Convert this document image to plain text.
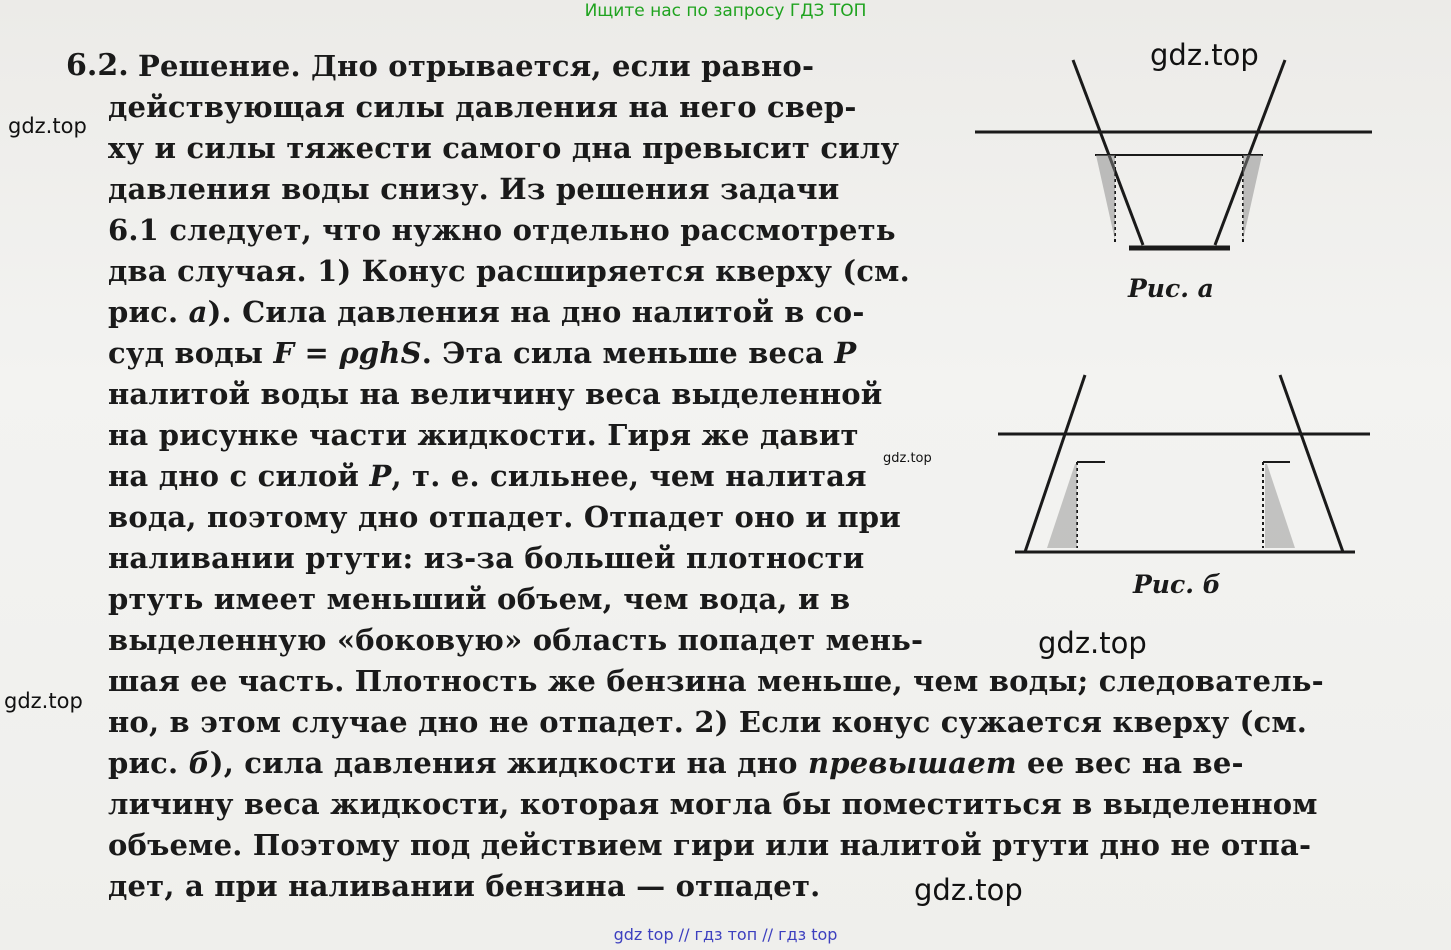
Ищите нас по запросу ГДЗ ТОП
6.2. Решение. Дно отрывается, если равно-
действующая силы давления на него свер-
ху и силы тяжести самого дна превысит силу
давления воды снизу. Из решения задачи
6.1 следует, что нужно отдельно рассмотреть
два случая. 1) Конус расширяется кверху (см.
рис. а). Сила давления на дно налитой в со-
суд воды F = ρghS. Эта сила меньше веса P
налитой воды на величину веса выделенной
на рисунке части жидкости. Гиря же давит
на дно с силой P, т. е. сильнее, чем налитая
вода, поэтому дно отпадет. Отпадет оно и при
наливании ртути: из-за большей плотности
ртуть имеет меньший объем, чем вода, и в
выделенную «боковую» область попадет мень-
шая ее часть. Плотность же бензина меньше, чем воды; следователь-
но, в этом случае дно не отпадет. 2) Если конус сужается кверху (см.
рис. б), сила давления жидкости на дно превышает ее вес на ве-
личину веса жидкости, которая могла бы поместиться в выделенном
объеме. Поэтому под действием гири или налитой ртути дно не отпа-
дет, а при наливании бензина — отпадет.
Рис. а
Рис. б
gdz.top
gdz.top
gdz.top
gdz.top
gdz.top
gdz.top
gdz top // гдз топ // гдз top
